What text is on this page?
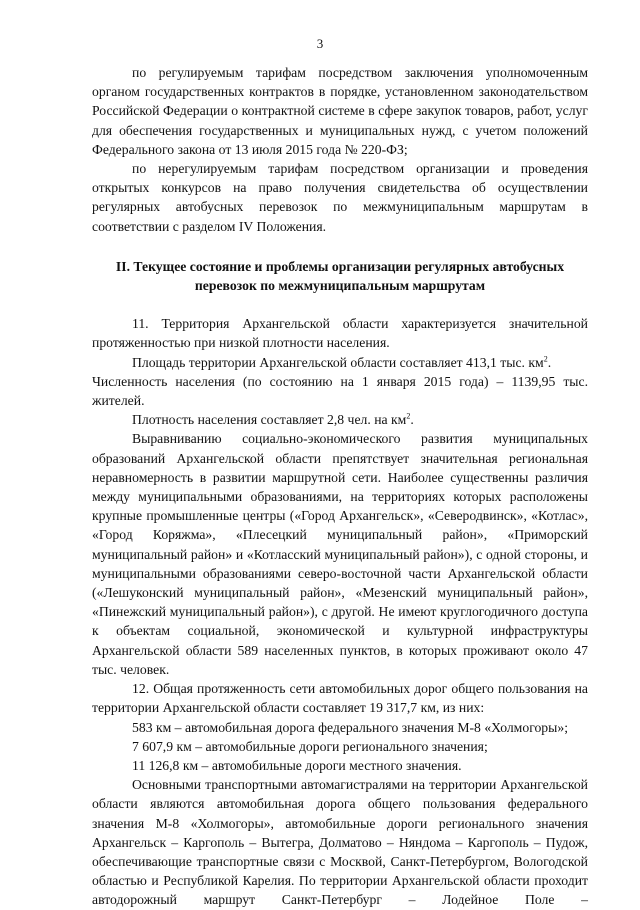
3

по регулируемым тарифам посредством заключения уполномоченным органом государственных контрактов в порядке, установленном законодательством Российской Федерации о контрактной системе в сфере закупок товаров, работ, услуг для обеспечения государственных и муниципальных нужд, с учетом положений Федерального закона от 13 июля 2015 года № 220-ФЗ;

по нерегулируемым тарифам посредством организации и проведения открытых конкурсов на право получения свидетельства об осуществлении регулярных автобусных перевозок по межмуниципальным маршрутам в соответствии с разделом IV Положения.

II. Текущее состояние и проблемы организации регулярных автобусных перевозок по межмуниципальным маршрутам

11. Территория Архангельской области характеризуется значительной протяженностью при низкой плотности населения.

Площадь территории Архангельской области составляет 413,1 тыс. $км^2$.

Численность населения (по состоянию на 1 января 2015 года) – 1139,95 тыс. жителей.

Плотность населения составляет 2,8 чел. на $км^2$.

Выравниванию социально-экономического развития муниципальных образований Архангельской области препятствует значительная региональная неравномерность в развитии маршрутной сети. Наиболее существенны различия между муниципальными образованиями, на территориях которых расположены крупные промышленные центры («Город Архангельск», «Северодвинск», «Котлас», «Город Коряжма», «Плесецкий муниципальный район», «Приморский муниципальный район» и «Котласский муниципальный район»), с одной стороны, и муниципальными образованиями северо-восточной части Архангельской области («Лешуконский муниципальный район», «Мезенский муниципальный район», «Пинежский муниципальный район»), с другой. Не имеют круглогодичного доступа к объектам социальной, экономической и культурной инфраструктуры Архангельской области 589 населенных пунктов, в которых проживают около 47 тыс. человек.

12. Общая протяженность сети автомобильных дорог общего пользования на территории Архангельской области составляет 19 317,7 км, из них:

583 км – автомобильная дорога федерального значения М-8 «Холмогоры»;

7 607,9 км – автомобильные дороги регионального значения;

11 126,8 км – автомобильные дороги местного значения.

Основными транспортными автомагистралями на территории Архангельской области являются автомобильная дорога общего пользования федерального значения М-8 «Холмогоры», автомобильные дороги регионального значения Архангельск – Каргополь – Вытегра, Долматово – Няндома – Каргополь – Пудож, обеспечивающие транспортные связи с Москвой, Санкт-Петербургом, Вологодской областью и Республикой Карелия. По территории Архангельской области проходит автодорожный маршрут Санкт-Петербург – Лодейное Поле –
